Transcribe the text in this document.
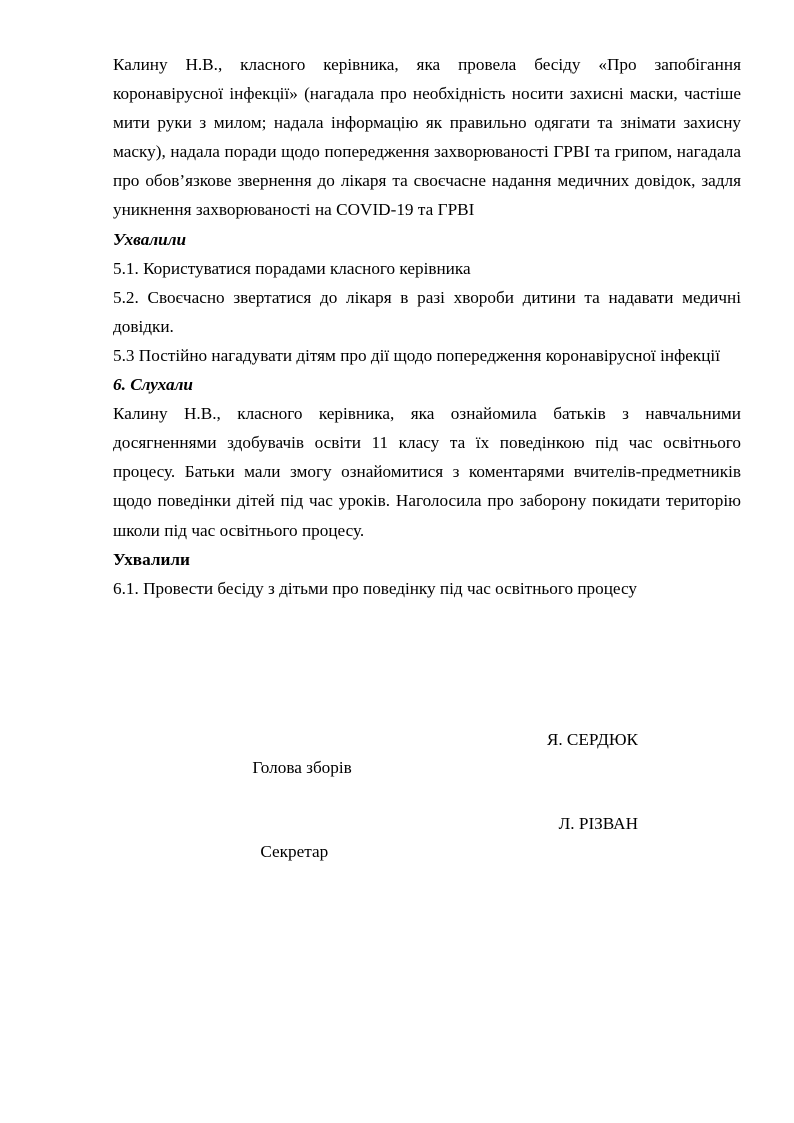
Калину Н.В., класного керівника, яка провела бесіду «Про запобігання коронавірусної інфекції» (нагадала про необхідність носити захисні маски, частіше мити руки з милом; надала інформацію як правильно одягати та знімати захисну маску), надала поради щодо попередження захворюваності ГРВІ та грипом, нагадала про обов’язкове звернення до лікаря та своєчасне надання медичних довідок, задля уникнення захворюваності на COVID-19 та ГРВІ

Ухвалили

5.1. Користуватися порадами класного керівника

5.2. Своєчасно звертатися до лікаря в разі хвороби дитини та надавати медичні довідки.

5.3 Постійно нагадувати дітям про дії щодо попередження коронавірусної інфекції

6. Слухали

Калину Н.В., класного керівника, яка ознайомила батьків з навчальними досягненнями здобувачів освіти 11 класу та їх поведінкою під час освітнього процесу. Батьки мали змогу ознайомитися з коментарями вчителів-предметників щодо поведінки дітей під час уроків. Наголосила про заборону покидати територію школи під час освітнього процесу.

Ухвалили

6.1. Провести бесіду з дітьми про поведінку під час освітнього процесу

Голова зборів

Я. СЕРДЮК

Секретар

Л. РІЗВАН
